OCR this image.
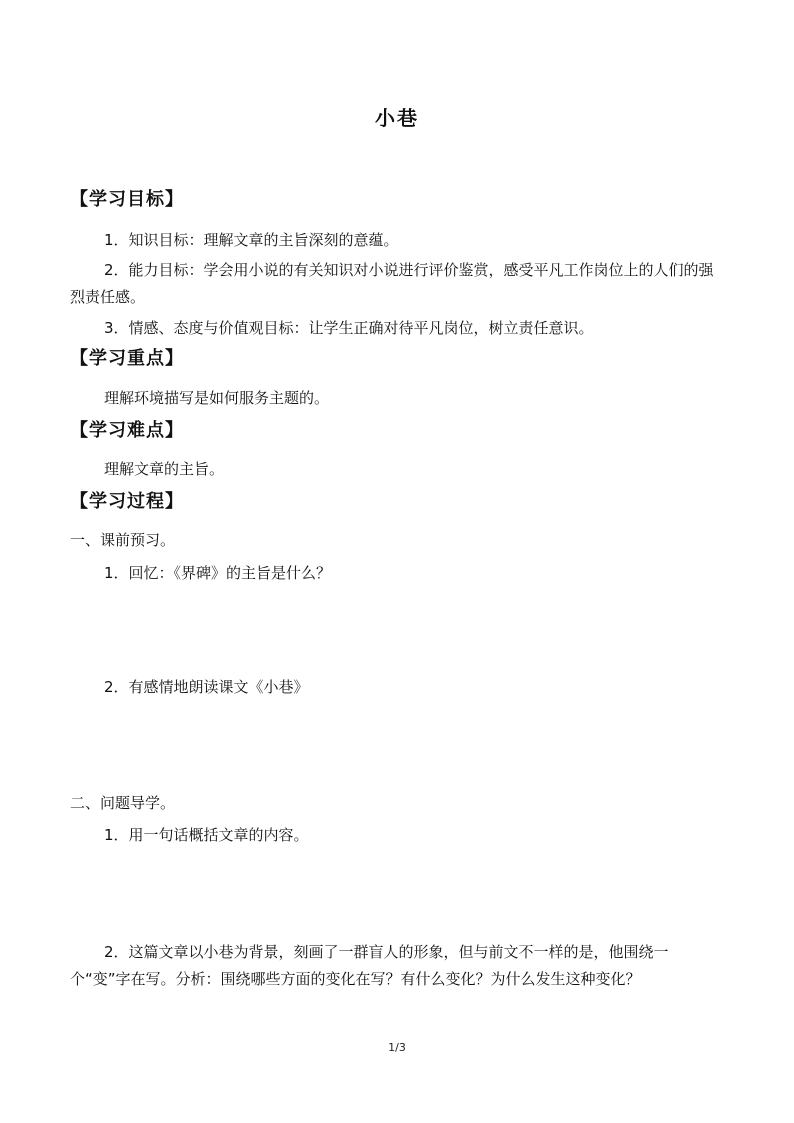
小巷
【学习目标】
1．知识目标：理解文章的主旨深刻的意蕴。
2．能力目标：学会用小说的有关知识对小说进行评价鉴赏，感受平凡工作岗位上的人们的强烈责任感。
3．情感、态度与价值观目标：让学生正确对待平凡岗位，树立责任意识。
【学习重点】
理解环境描写是如何服务主题的。
【学习难点】
理解文章的主旨。
【学习过程】
一、课前预习。
1．回忆：《界碑》的主旨是什么？
2．有感情地朗读课文《小巷》
二、问题导学。
1．用一句话概括文章的内容。
2．这篇文章以小巷为背景，刻画了一群盲人的形象，但与前文不一样的是，他围绕一个“变”字在写。分析：围绕哪些方面的变化在写？有什么变化？为什么发生这种变化？
1/3
